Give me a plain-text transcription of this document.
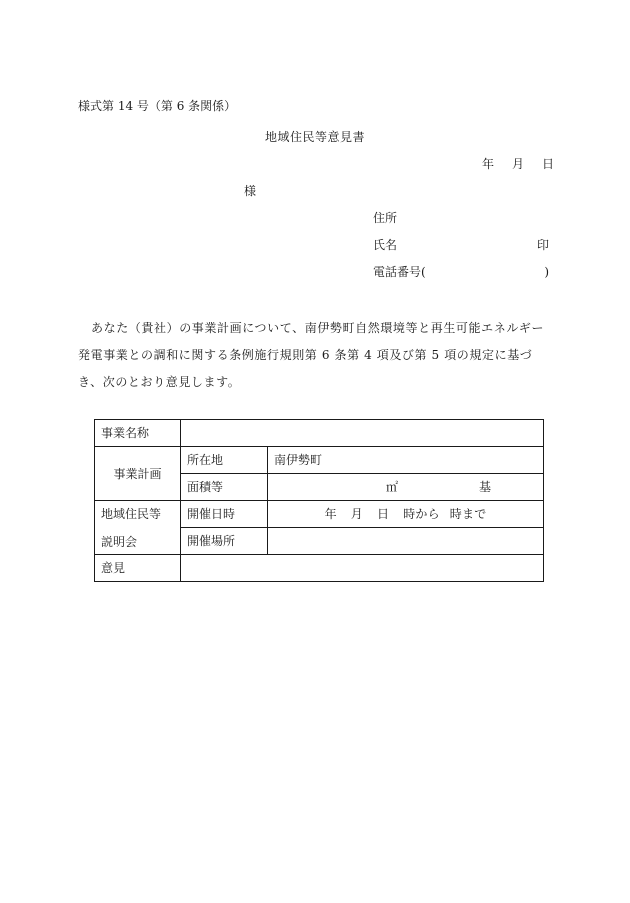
様式第 14 号（第 6 条関係）
地域住民等意見書
年 月 日
様
住所
氏名	印
電話番号(	)
あなた（貴社）の事業計画について、南伊勢町自然環境等と再生可能エネルギー発電事業との調和に関する条例施行規則第 6 条第 4 項及び第 5 項の規定に基づき、次のとおり意見します。
事業名称		
事業計画	所在地	南伊勢町
	面積等	㎡ 基

地域住民等
説明会	開催日時	年 月 日 時から 時まで
	開催場所	
意見		
